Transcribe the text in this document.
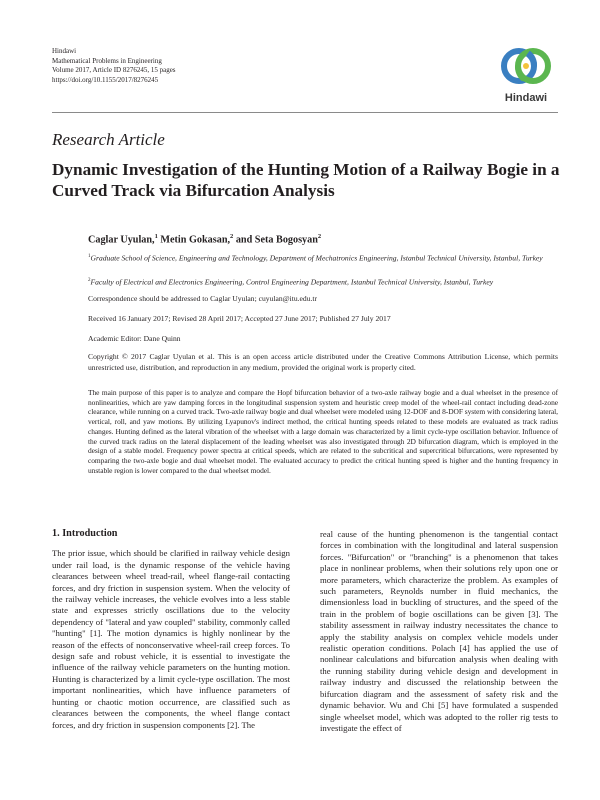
Hindawi
Mathematical Problems in Engineering
Volume 2017, Article ID 8276245, 15 pages
https://doi.org/10.1155/2017/8276245
Hindawi
Research Article
Dynamic Investigation of the Hunting Motion of a Railway Bogie in a Curved Track via Bifurcation Analysis
Caglar Uyulan,$^1$ Metin Gokasan,$^2$ and Seta Bogosyan$^2$
$^1$Graduate School of Science, Engineering and Technology, Department of Mechatronics Engineering, Istanbul Technical University, Istanbul, Turkey
$^2$Faculty of Electrical and Electronics Engineering, Control Engineering Department, Istanbul Technical University, Istanbul, Turkey
Correspondence should be addressed to Caglar Uyulan; cuyulan@itu.edu.tr
Received 16 January 2017; Revised 28 April 2017; Accepted 27 June 2017; Published 27 July 2017
Academic Editor: Dane Quinn
Copyright © 2017 Caglar Uyulan et al. This is an open access article distributed under the Creative Commons Attribution License, which permits unrestricted use, distribution, and reproduction in any medium, provided the original work is properly cited.
The main purpose of this paper is to analyze and compare the Hopf bifurcation behavior of a two-axle railway bogie and a dual wheelset in the presence of nonlinearities, which are yaw damping forces in the longitudinal suspension system and heuristic creep model of the wheel-rail contact including dead-zone clearance, while running on a curved track. Two-axle railway bogie and dual wheelset were modeled using 12-DOF and 8-DOF system with considering lateral, vertical, roll, and yaw motions. By utilizing Lyapunov's indirect method, the critical hunting speeds related to these models are evaluated as track radius changes. Hunting defined as the lateral vibration of the wheelset with a large domain was characterized by a limit cycle-type oscillation behavior. Influence of the curved track radius on the lateral displacement of the leading wheelset was also investigated through 2D bifurcation diagram, which is employed in the design of a stable model. Frequency power spectra at critical speeds, which are related to the subcritical and supercritical bifurcations, were represented by comparing the two-axle bogie and dual wheelset model. The evaluated accuracy to predict the critical hunting speed is higher and the hunting frequency in unstable region is lower compared to the dual wheelset model.
1. Introduction

The prior issue, which should be clarified in railway vehicle design under rail load, is the dynamic response of the vehicle having clearances between wheel tread-rail, wheel flange-rail contacting forces, and dry friction in suspension system. When the velocity of the railway vehicle increases, the vehicle evolves into a less stable state and expresses strictly oscillations due to the velocity dependency of "lateral and yaw coupled" stability, commonly called "hunting" [1]. The motion dynamics is highly nonlinear by the reason of the effects of nonconservative wheel-rail creep forces. To design safe and robust vehicle, it is essential to investigate the influence of the railway vehicle parameters on the hunting motion. Hunting is characterized by a limit cycle-type oscillation. The most important nonlinearities, which have influence parameters of hunting or chaotic motion occurrence, are classified such as clearances between the components, the wheel flange contact forces, and dry friction in suspension components [2]. The

real cause of the hunting phenomenon is the tangential contact forces in combination with the longitudinal and lateral suspension forces. "Bifurcation" or "branching" is a phenomenon that takes place in nonlinear problems, when their solutions rely upon one or more parameters, which characterize the problem. As examples of such parameters, Reynolds number in fluid mechanics, the dimensionless load in buckling of structures, and the speed of the train in the problem of bogie oscillations can be given [3]. The stability assessment in railway industry necessitates the chance to apply the stability analysis on complex vehicle models under realistic operation conditions. Polach [4] has applied the use of nonlinear calculations and bifurcation analysis when dealing with the running stability during vehicle design and development in railway industry and discussed the relationship between the bifurcation diagram and the assessment of safety risk and the dynamic behavior. Wu and Chi [5] have formulated a suspended single wheelset model, which was adopted to the roller rig tests to investigate the effect of
